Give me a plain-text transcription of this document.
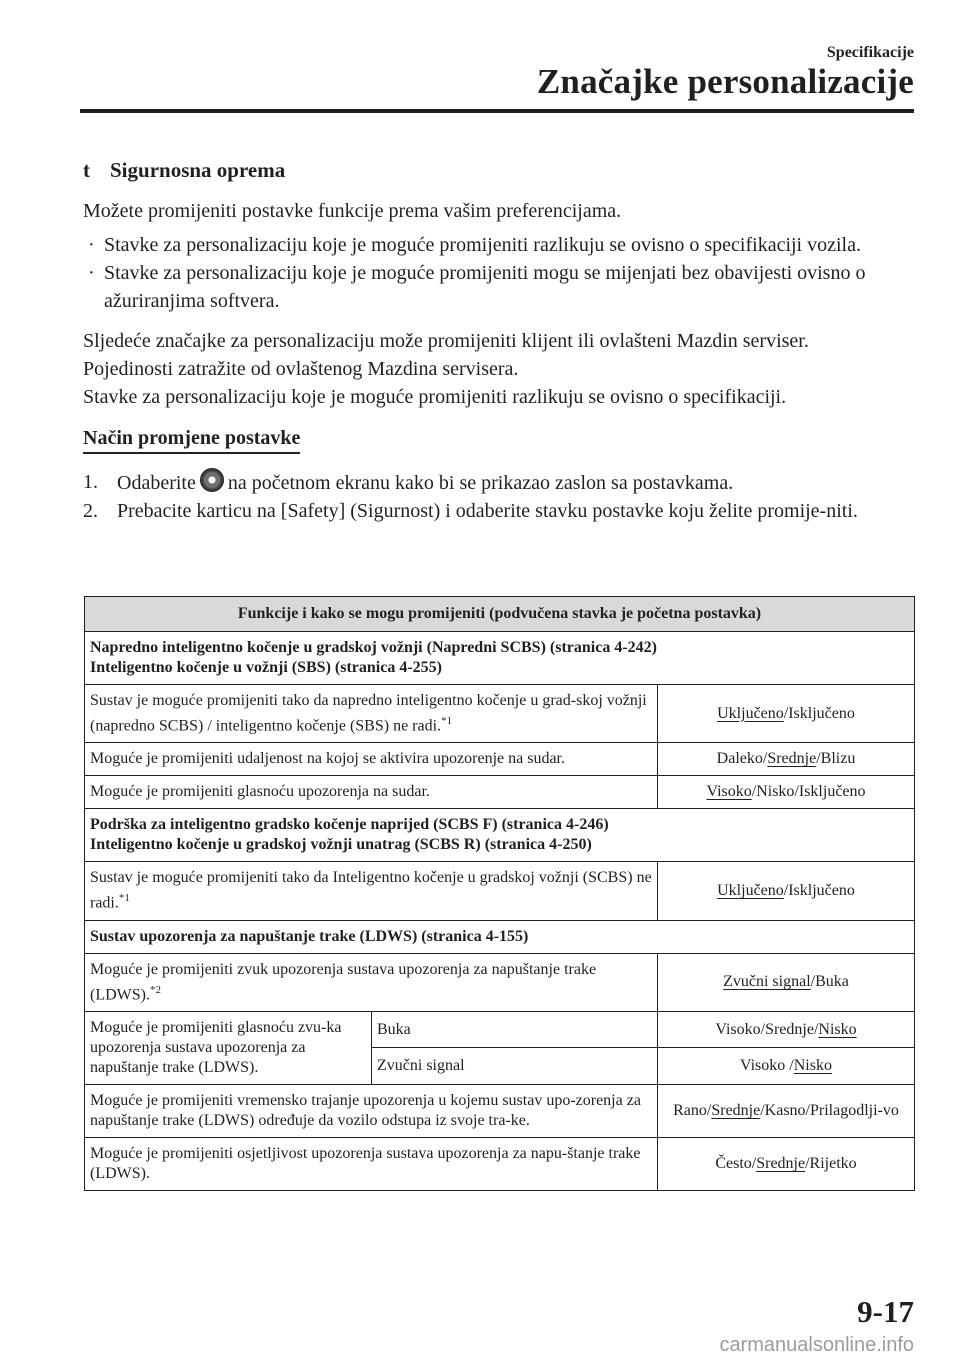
Specifikacije
Značajke personalizacije
t Sigurnosna oprema

Možete promijeniti postavke funkcije prema vašim preferencijama.

· Stavke za personalizaciju koje je moguće promijeniti razlikuju se ovisno o specifikaciji vozila.
· Stavke za personalizaciju koje je moguće promijeniti mogu se mijenjati bez obavijesti ovisno o ažuriranjima softvera.

Sljedeće značajke za personalizaciju može promijeniti klijent ili ovlašteni Mazdin serviser.

Pojedinosti zatražite od ovlaštenog Mazdina servisera.

Stavke za personalizaciju koje je moguće promijeniti razlikuju se ovisno o specifikaciji.

Način promjene postavke
1. Odaberite na početnom ekranu kako bi se prikazao zaslon sa postavkama.
2. Prebacite karticu na [Safety] (Sigurnost) i odaberite stavku postavke koju želite promije-niti.
Funkcije i kako se mogu promijeniti (podvučena stavka je početna postavka)		
Napredno inteligentno kočenje u gradskoj vožnji (Napredni SCBS) (stranica 4-242)
Inteligentno kočenje u vožnji (SBS) (stranica 4-255)		
Sustav je moguće promijeniti tako da napredno inteligentno kočenje u grad-skoj vožnji (napredno SCBS) / inteligentno kočenje (SBS) ne radi.$^{*1}$		Uključeno/Isključeno
Moguće je promijeniti udaljenost na kojoj se aktivira upozorenje na sudar.		Daleko/Srednje/Blizu
Moguće je promijeniti glasnoću upozorenja na sudar.		Visoko/Nisko/Isključeno
Podrška za inteligentno gradsko kočenje naprijed (SCBS F) (stranica 4-246)
Inteligentno kočenje u gradskoj vožnji unatrag (SCBS R) (stranica 4-250)		
Sustav je moguće promijeniti tako da Inteligentno kočenje u gradskoj vožnji (SCBS) ne radi.$^{*1}$		Uključeno/Isključeno
Sustav upozorenja za napuštanje trake (LDWS) (stranica 4-155)		
Moguće je promijeniti zvuk upozorenja sustava upozorenja za napuštanje trake (LDWS).$^{*2}$		Zvučni signal/Buka
Moguće je promijeniti glasnoću zvu-ka upozorenja sustava upozorenja za napuštanje trake (LDWS).	Buka	Visoko/Srednje/Nisko
	Zvučni signal	Visoko /Nisko
Moguće je promijeniti vremensko trajanje upozorenja u kojemu sustav upo-zorenja za napuštanje trake (LDWS) određuje da vozilo odstupa iz svoje tra-ke.		Rano/Srednje/Kasno/Prilagodlji-vo
Moguće je promijeniti osjetljivost upozorenja sustava upozorenja za napu-štanje trake (LDWS).		Često/Srednje/Rijetko
9-17
carmanualsonline.info
